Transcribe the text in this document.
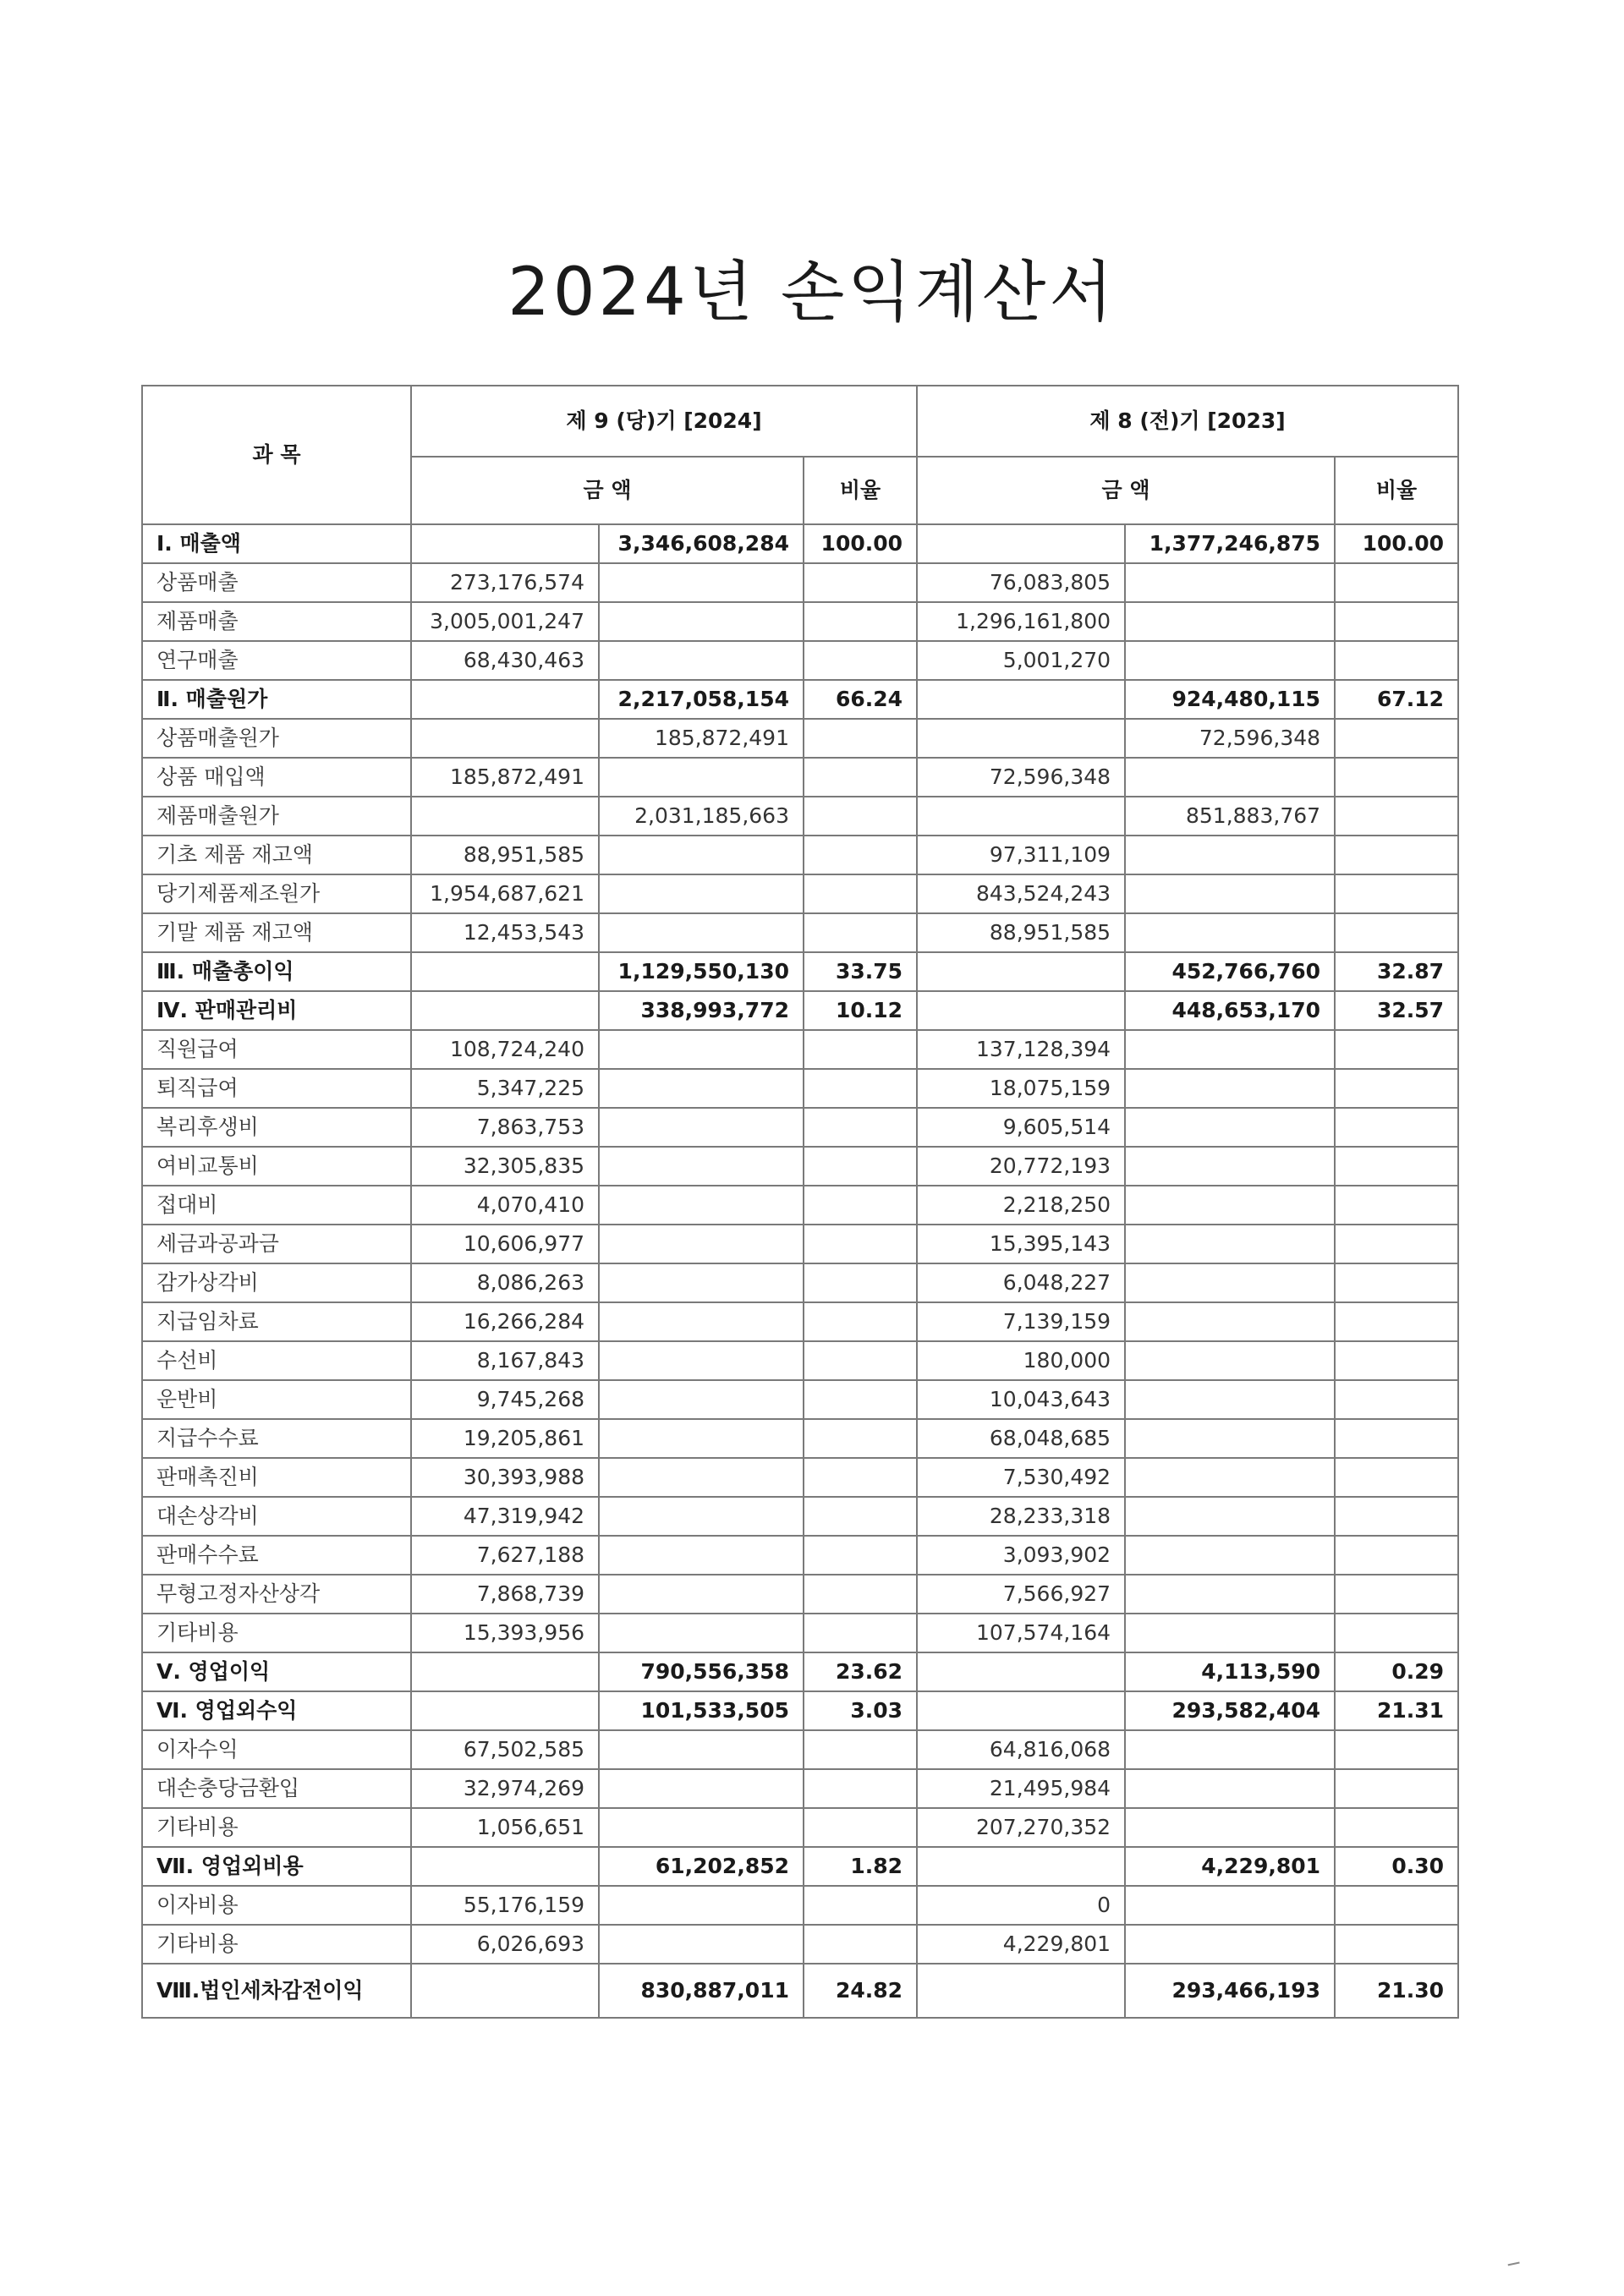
2024년 손익계산서
과 목	제 9 (당)기 [2024]			제 8 (전)기 [2023]		
	금 액		비율	금 액		비율
Ⅰ. 매출액		3,346,608,284	100.00		1,377,246,875	100.00
상품매출	273,176,574			76,083,805		
제품매출	3,005,001,247			1,296,161,800		
연구매출	68,430,463			5,001,270		
Ⅱ. 매출원가		2,217,058,154	66.24		924,480,115	67.12
상품매출원가		185,872,491			72,596,348	
상품 매입액	185,872,491			72,596,348		
제품매출원가		2,031,185,663			851,883,767	
기초 제품 재고액	88,951,585			97,311,109		
당기제품제조원가	1,954,687,621			843,524,243		
기말 제품 재고액	12,453,543			88,951,585		
Ⅲ. 매출총이익		1,129,550,130	33.75		452,766,760	32.87
Ⅳ. 판매관리비		338,993,772	10.12		448,653,170	32.57
직원급여	108,724,240			137,128,394		
퇴직급여	5,347,225			18,075,159		
복리후생비	7,863,753			9,605,514		
여비교통비	32,305,835			20,772,193		
접대비	4,070,410			2,218,250		
세금과공과금	10,606,977			15,395,143		
감가상각비	8,086,263			6,048,227		
지급임차료	16,266,284			7,139,159		
수선비	8,167,843			180,000		
운반비	9,745,268			10,043,643		
지급수수료	19,205,861			68,048,685		
판매촉진비	30,393,988			7,530,492		
대손상각비	47,319,942			28,233,318		
판매수수료	7,627,188			3,093,902		
무형고정자산상각	7,868,739			7,566,927		
기타비용	15,393,956			107,574,164		
Ⅴ. 영업이익		790,556,358	23.62		4,113,590	0.29
Ⅵ. 영업외수익		101,533,505	3.03		293,582,404	21.31
이자수익	67,502,585			64,816,068		
대손충당금환입	32,974,269			21,495,984		
기타비용	1,056,651			207,270,352		
Ⅶ. 영업외비용		61,202,852	1.82		4,229,801	0.30
이자비용	55,176,159			0		
기타비용	6,026,693			4,229,801		
Ⅷ.법인세차감전이익		830,887,011	24.82		293,466,193	21.30
